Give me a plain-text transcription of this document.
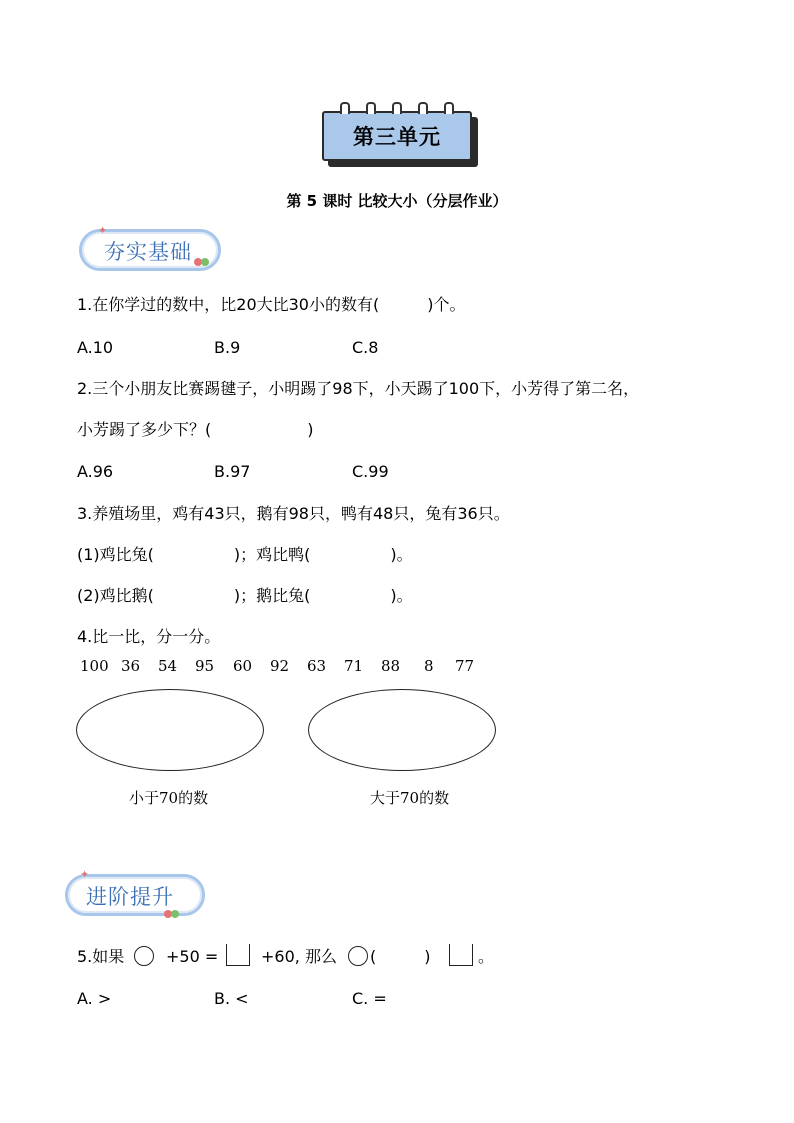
第三单元
第 5 课时 比较大小（分层作业）
夯实基础
✦
1.在你学过的数中，比20大比30小的数有(　　　)个。
A.10	B.9	C.8
2.三个小朋友比赛踢毽子，小明踢了98下，小天踢了100下，小芳得了第二名，
小芳踢了多少下？(　　　　　　)
A.96	B.97	C.99
3.养殖场里，鸡有43只，鹅有98只，鸭有48只，兔有36只。
(1)鸡比兔(　　　　　)；鸡比鸭(　　　　　)。
(2)鸡比鹅(　　　　　)；鹅比兔(　　　　　)。
4.比一比，分一分。
100 36 54 95 60 92 63 71 88 8 77
小于70的数	大于70的数
进阶提升
✦
5.如果	+50 =	+60, 那么 (　　　)	。
A. >	B. <	C. =
